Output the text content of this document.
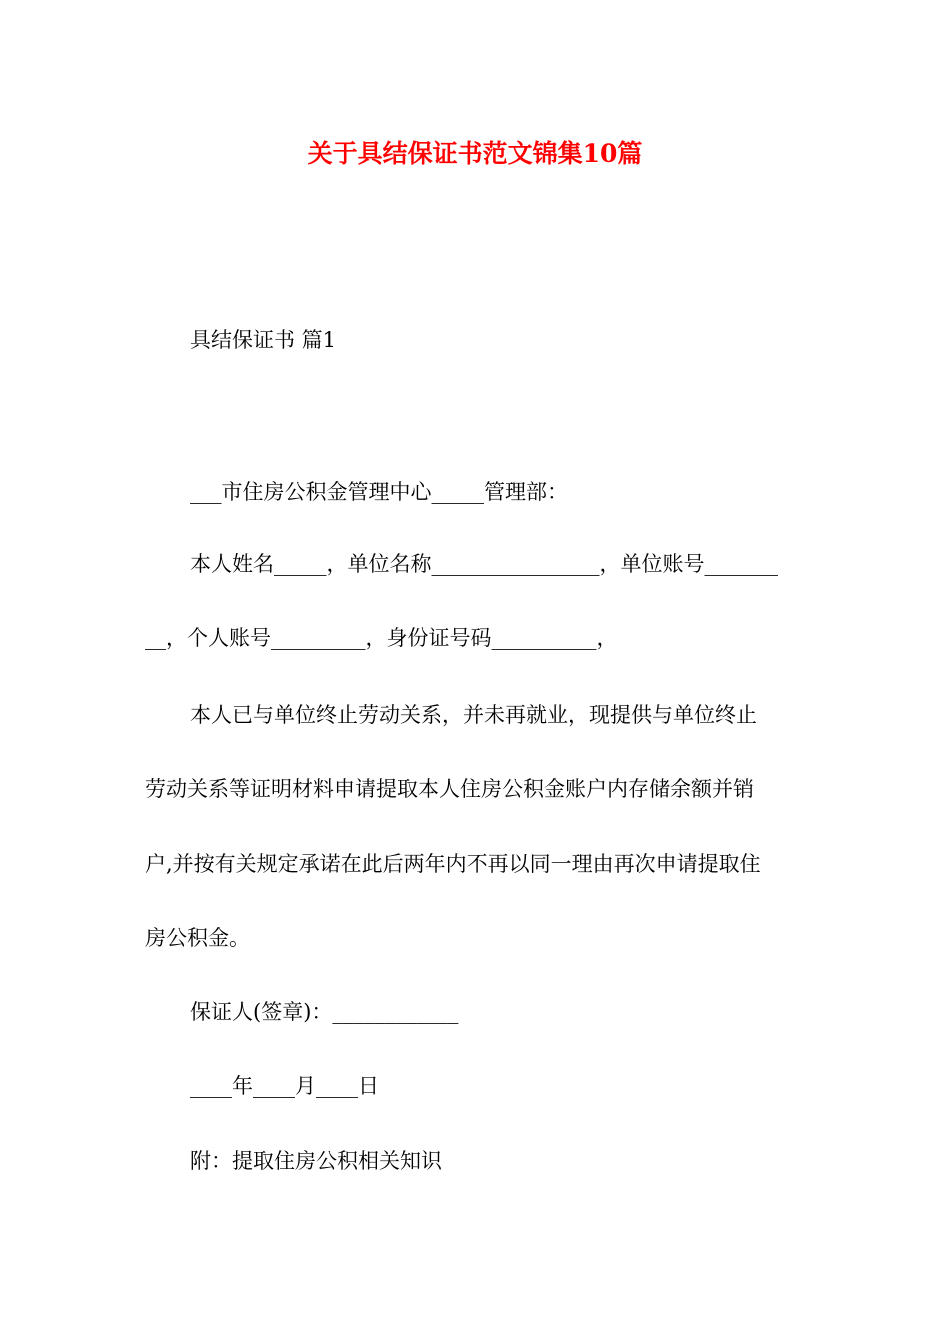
关于具结保证书范文锦集10篇
具结保证书 篇1
___市住房公积金管理中心_____管理部：
本人姓名_____，单位名称________________，单位账号_______
__，个人账号_________，身份证号码__________，
本人已与单位终止劳动关系，并未再就业，现提供与单位终止
劳动关系等证明材料申请提取本人住房公积金账户内存储余额并销
户,并按有关规定承诺在此后两年内不再以同一理由再次申请提取住
房公积金。
保证人(签章)：____________
____年____月____日
附：提取住房公积相关知识
